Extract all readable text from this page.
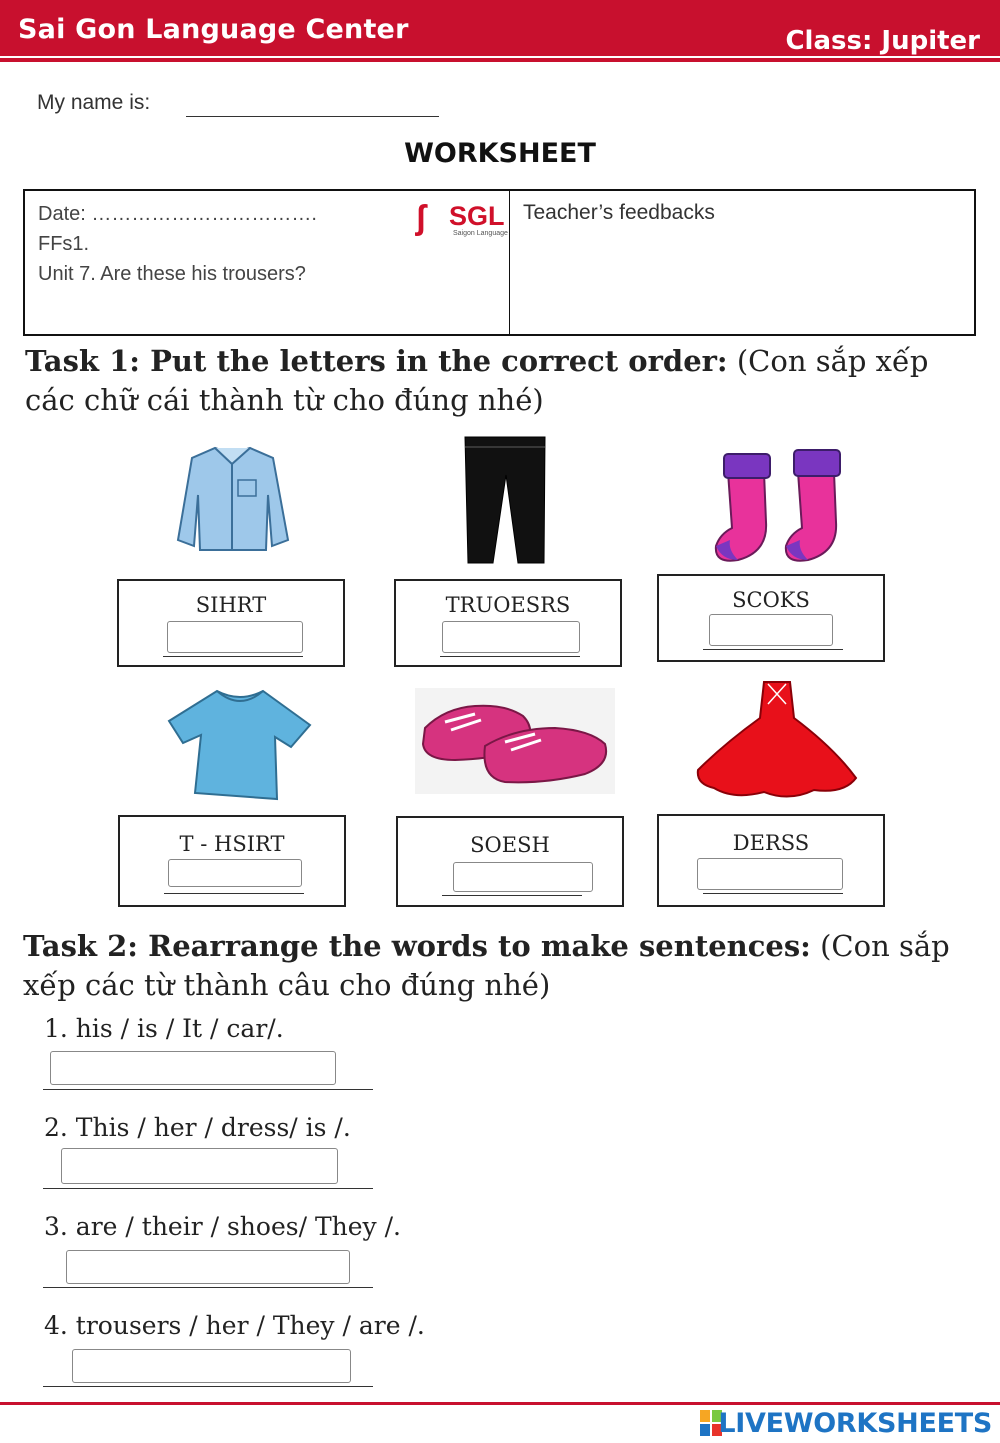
Sai Gon Language Center	Class: Jupiter
My name is:
WORKSHEET
Date: …………………………….
FFs1.
Unit 7. Are these his trousers?
ʃ SGL
Saigon Language
Teacher’s feedbacks
Task 1: Put the letters in the correct order: (Con sắp xếp các chữ cái thành từ cho đúng nhé)
SIHRT	TRUOESRS	SCOKS
T - HSIRT	SOESH	DERSS
Task 2: Rearrange the words to make sentences: (Con sắp xếp các từ thành câu cho đúng nhé)
1. his / is / It / car/.
2. This / her / dress/ is /.
3. are / their / shoes/ They /.
4. trousers / her / They / are /.
LIVEWORKSHEETS
